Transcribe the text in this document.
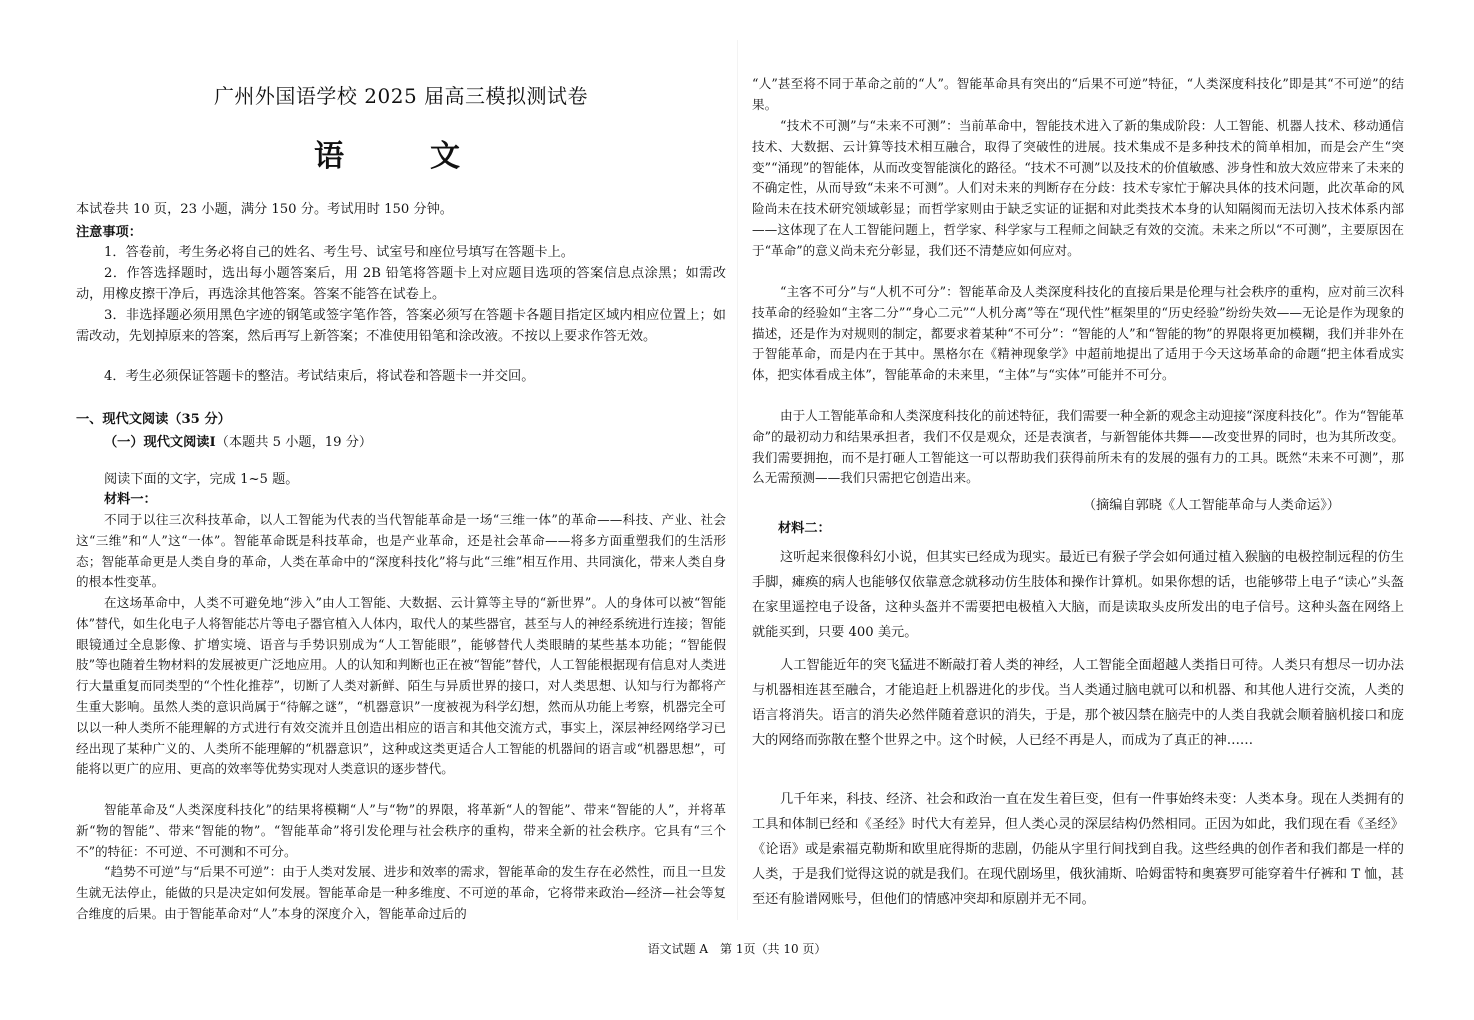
广州外国语学校 2025 届高三模拟测试卷
语　文

本试卷共 10 页，23 小题，满分 150 分。考试用时 150 分钟。

注意事项：

1．答卷前，考生务必将自己的姓名、考生号、试室号和座位号填写在答题卡上。

2．作答选择题时，选出每小题答案后，用 2B 铅笔将答题卡上对应题目选项的答案信息点涂黑；如需改动，用橡皮擦干净后，再选涂其他答案。答案不能答在试卷上。

3．非选择题必须用黑色字迹的钢笔或签字笔作答，答案必须写在答题卡各题目指定区域内相应位置上；如需改动，先划掉原来的答案，然后再写上新答案；不准使用铅笔和涂改液。不按以上要求作答无效。

4．考生必须保证答题卡的整洁。考试结束后，将试卷和答题卡一并交回。

一、现代文阅读（35 分）

（一）现代文阅读Ⅰ（本题共 5 小题，19 分）

阅读下面的文字，完成 1~5 题。

材料一：

不同于以往三次科技革命，以人工智能为代表的当代智能革命是一场“三维一体”的革命——科技、产业、社会这“三维”和“人”这“一体”。智能革命既是科技革命，也是产业革命，还是社会革命——将多方面重塑我们的生活形态；智能革命更是人类自身的革命，人类在革命中的“深度科技化”将与此“三维”相互作用、共同演化，带来人类自身的根本性变革。

在这场革命中，人类不可避免地“涉入”由人工智能、大数据、云计算等主导的“新世界”。人的身体可以被“智能体”替代，如生化电子人将智能芯片等电子器官植入人体内，取代人的某些器官，甚至与人的神经系统进行连接；智能眼镜通过全息影像、扩增实境、语音与手势识别成为“人工智能眼”，能够替代人类眼睛的某些基本功能；“智能假肢”等也随着生物材料的发展被更广泛地应用。人的认知和判断也正在被“智能”替代，人工智能根据现有信息对人类进行大量重复而同类型的“个性化推荐”，切断了人类对新鲜、陌生与异质世界的接口，对人类思想、认知与行为都将产生重大影响。虽然人类的意识尚属于“待解之谜”，“机器意识”一度被视为科学幻想，然而从功能上考察，机器完全可以以一种人类所不能理解的方式进行有效交流并且创造出相应的语言和其他交流方式，事实上，深层神经网络学习已经出现了某种广义的、人类所不能理解的“机器意识”，这种或这类更适合人工智能的机器间的语言或“机器思想”，可能将以更广的应用、更高的效率等优势实现对人类意识的逐步替代。

智能革命及“人类深度科技化”的结果将模糊“人”与“物”的界限，将革新“人的智能”、带来“智能的人”，并将革新“物的智能”、带来“智能的物”。“智能革命”将引发伦理与社会秩序的重构，带来全新的社会秩序。它具有“三个不”的特征：不可逆、不可测和不可分。

“趋势不可逆”与“后果不可逆”：由于人类对发展、进步和效率的需求，智能革命的发生存在必然性，而且一旦发生就无法停止，能做的只是决定如何发展。智能革命是一种多维度、不可逆的革命，它将带来政治—经济—社会等复合维度的后果。由于智能革命对“人”本身的深度介入，智能革命过后的

“人”甚至将不同于革命之前的“人”。智能革命具有突出的“后果不可逆”特征，“人类深度科技化”即是其“不可逆”的结果。

“技术不可测”与“未来不可测”：当前革命中，智能技术进入了新的集成阶段：人工智能、机器人技术、移动通信技术、大数据、云计算等技术相互融合，取得了突破性的进展。技术集成不是多种技术的简单相加，而是会产生“突变”“涌现”的智能体，从而改变智能演化的路径。“技术不可测”以及技术的价值敏感、涉身性和放大效应带来了未来的不确定性，从而导致“未来不可测”。人们对未来的判断存在分歧：技术专家忙于解决具体的技术问题，此次革命的风险尚未在技术研究领域彰显；而哲学家则由于缺乏实证的证据和对此类技术本身的认知隔阂而无法切入技术体系内部——这体现了在人工智能问题上，哲学家、科学家与工程师之间缺乏有效的交流。未来之所以“不可测”，主要原因在于“革命”的意义尚未充分彰显，我们还不清楚应如何应对。

“主客不可分”与“人机不可分”：智能革命及人类深度科技化的直接后果是伦理与社会秩序的重构，应对前三次科技革命的经验如“主客二分”“身心二元”“人机分离”等在“现代性”框架里的“历史经验”纷纷失效——无论是作为现象的描述，还是作为对规则的制定，都要求着某种“不可分”：“智能的人”和“智能的物”的界限将更加模糊，我们并非外在于智能革命，而是内在于其中。黑格尔在《精神现象学》中超前地提出了适用于今天这场革命的命题“把主体看成实体，把实体看成主体”，智能革命的未来里，“主体”与“实体”可能并不可分。

由于人工智能革命和人类深度科技化的前述特征，我们需要一种全新的观念主动迎接“深度科技化”。作为“智能革命”的最初动力和结果承担者，我们不仅是观众，还是表演者，与新智能体共舞——改变世界的同时，也为其所改变。我们需要拥抱，而不是打砸人工智能这一可以帮助我们获得前所未有的发展的强有力的工具。既然“未来不可测”，那么无需预测——我们只需把它创造出来。

（摘编自郭晓《人工智能革命与人类命运》）

材料二：

这听起来很像科幻小说，但其实已经成为现实。最近已有猴子学会如何通过植入猴脑的电极控制远程的仿生手脚，瘫痪的病人也能够仅依靠意念就移动仿生肢体和操作计算机。如果你想的话，也能够带上电子“读心”头盔在家里遥控电子设备，这种头盔并不需要把电极植入大脑，而是读取头皮所发出的电子信号。这种头盔在网络上就能买到，只要 400 美元。

人工智能近年的突飞猛进不断敲打着人类的神经，人工智能全面超越人类指日可待。人类只有想尽一切办法与机器相连甚至融合，才能追赶上机器进化的步伐。当人类通过脑电就可以和机器、和其他人进行交流，人类的语言将消失。语言的消失必然伴随着意识的消失，于是，那个被囚禁在脑壳中的人类自我就会顺着脑机接口和庞大的网络而弥散在整个世界之中。这个时候，人已经不再是人，而成为了真正的神……

几千年来，科技、经济、社会和政治一直在发生着巨变，但有一件事始终未变：人类本身。现在人类拥有的工具和体制已经和《圣经》时代大有差异，但人类心灵的深层结构仍然相同。正因为如此，我们现在看《圣经》《论语》或是索福克勒斯和欧里庇得斯的悲剧，仍能从字里行间找到自我。这些经典的创作者和我们都是一样的人类，于是我们觉得这说的就是我们。在现代剧场里，俄狄浦斯、哈姆雷特和奥赛罗可能穿着牛仔裤和 T 恤，甚至还有脸谱网账号，但他们的情感冲突却和原剧并无不同。

语文试题 A　第 1页（共 10 页）
